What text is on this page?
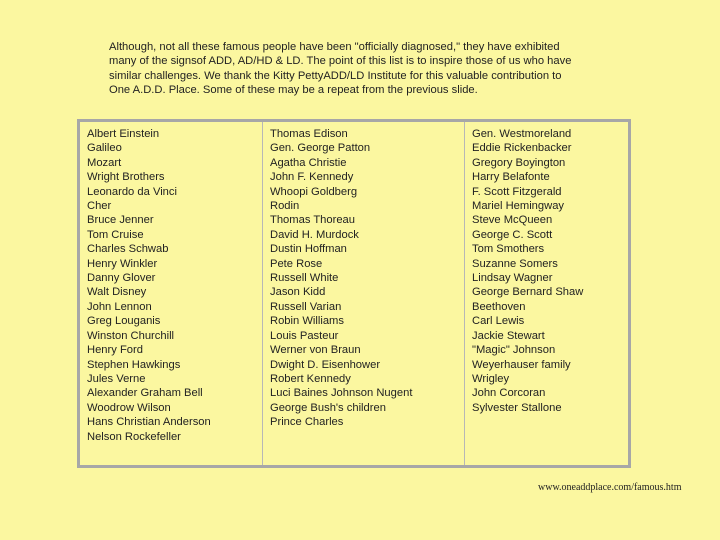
Although, not all these famous people have been "officially diagnosed," they have exhibited many of the signsof ADD, AD/HD & LD. The point of this list is to inspire those of us who have similar challenges. We thank the Kitty PettyADD/LD Institute for this valuable contribution to One A.D.D. Place. Some of these may be a repeat from the previous slide.
Albert Einstein
Galileo
Mozart
Wright Brothers
Leonardo da Vinci
Cher
Bruce Jenner
Tom Cruise
Charles Schwab
Henry Winkler
Danny Glover
Walt Disney
John Lennon
Greg Louganis
Winston Churchill
Henry Ford
Stephen Hawkings
Jules Verne
Alexander Graham Bell
Woodrow Wilson
Hans Christian Anderson
Nelson Rockefeller
Thomas Edison
Gen. George Patton
Agatha Christie
John F. Kennedy
Whoopi Goldberg
Rodin
Thomas Thoreau
David H. Murdock
Dustin Hoffman
Pete Rose
Russell White
Jason Kidd
Russell Varian
Robin Williams
Louis Pasteur
Werner von Braun
Dwight D. Eisenhower
Robert Kennedy
Luci Baines Johnson Nugent
George Bush's children
Prince Charles
Gen. Westmoreland
Eddie Rickenbacker
Gregory Boyington
Harry Belafonte
F. Scott Fitzgerald
Mariel Hemingway
Steve McQueen
George C. Scott
Tom Smothers
Suzanne Somers
Lindsay Wagner
George Bernard Shaw
Beethoven
Carl Lewis
Jackie Stewart
"Magic" Johnson
Weyerhauser family
Wrigley
John Corcoran
Sylvester Stallone
www.oneaddplace.com/famous.htm
